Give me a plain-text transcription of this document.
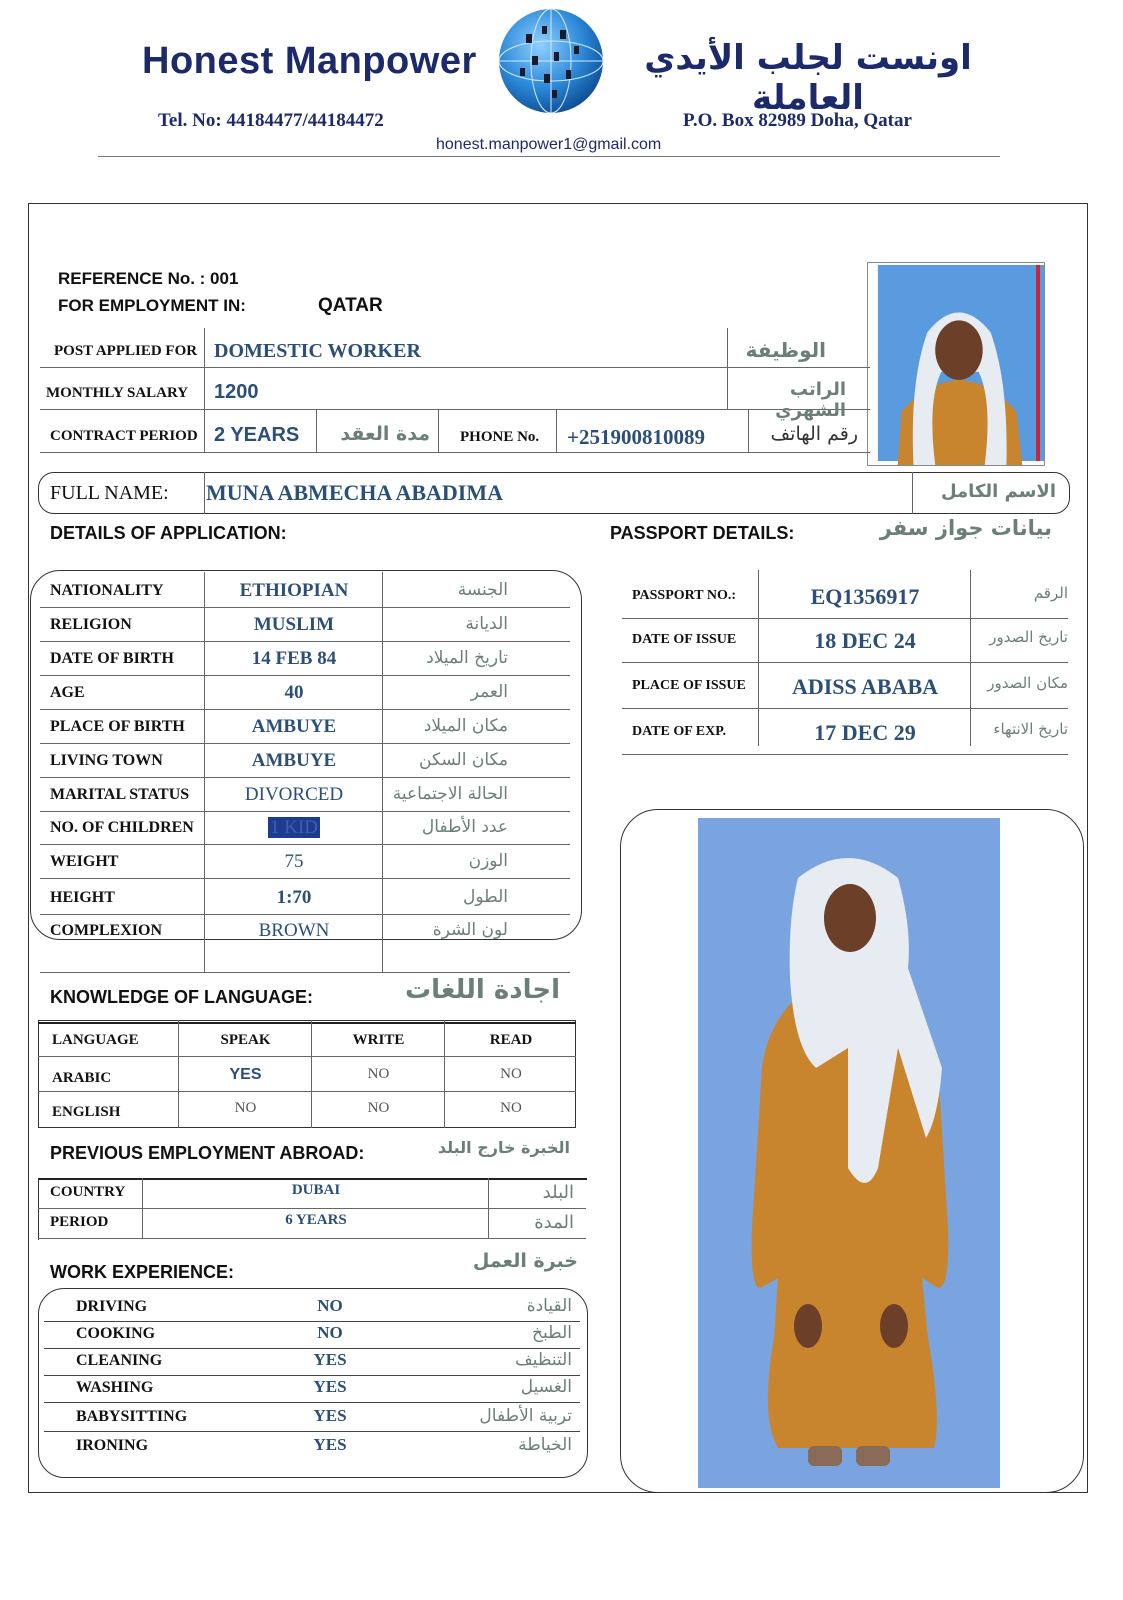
Honest Manpower	اونست لجلب الأيدي العاملة
Tel. No: 44184477/44184472	P.O. Box 82989 Doha, Qatar
honest.manpower1@gmail.com
REFERENCE No. : 001
FOR EMPLOYMENT IN:	QATAR
POST APPLIED FOR DOMESTIC WORKER	الوظيفة
MONTHLY SALARY 1200	الراتب الشهري
CONTRACT PERIOD 2 YEARS	مدة العقد PHONE No. +251900810089	رقم الهاتف
FULL NAME: MUNA ABMECHA ABADIMA	الاسم الكامل
DETAILS OF APPLICATION:	PASSPORT DETAILS:	بيانات جواز سفر
NATIONALITY	ETHIOPIAN	الجنسة
RELIGION	MUSLIM	الديانة
DATE OF BIRTH	14 FEB 84	تاريخ الميلاد
AGE	40	العمر
PLACE OF BIRTH	AMBUYE	مكان الميلاد
LIVING TOWN	AMBUYE	مكان السكن
MARITAL STATUS	DIVORCED	الحالة الاجتماعية
NO. OF CHILDREN	1 KID	عدد الأطفال
WEIGHT	75	الوزن
HEIGHT	1:70	الطول
COMPLEXION	BROWN	لون الشرة
PASSPORT NO.:	EQ1356917	الرقم
DATE OF ISSUE	18 DEC 24	تاريخ الصدور
PLACE OF ISSUE	ADISS ABABA	مكان الصدور
DATE OF EXP.	17 DEC 29	تاريخ الانتهاء
KNOWLEDGE OF LANGUAGE:	اجادة اللغات
LANGUAGE	SPEAK	WRITE	READ
ARABIC	YES	NO	NO
ENGLISH	NO	NO	NO
PREVIOUS EMPLOYMENT ABROAD:	الخبرة خارج البلد
COUNTRY	DUBAI	البلد
PERIOD	6 YEARS	المدة
WORK EXPERIENCE:	خبرة العمل
DRIVING	NO	القيادة
COOKING	NO	الطبخ
CLEANING	YES	التنظيف
WASHING	YES	الغسيل
BABYSITTING	YES	تربية الأطفال
IRONING	YES	الخياطة
